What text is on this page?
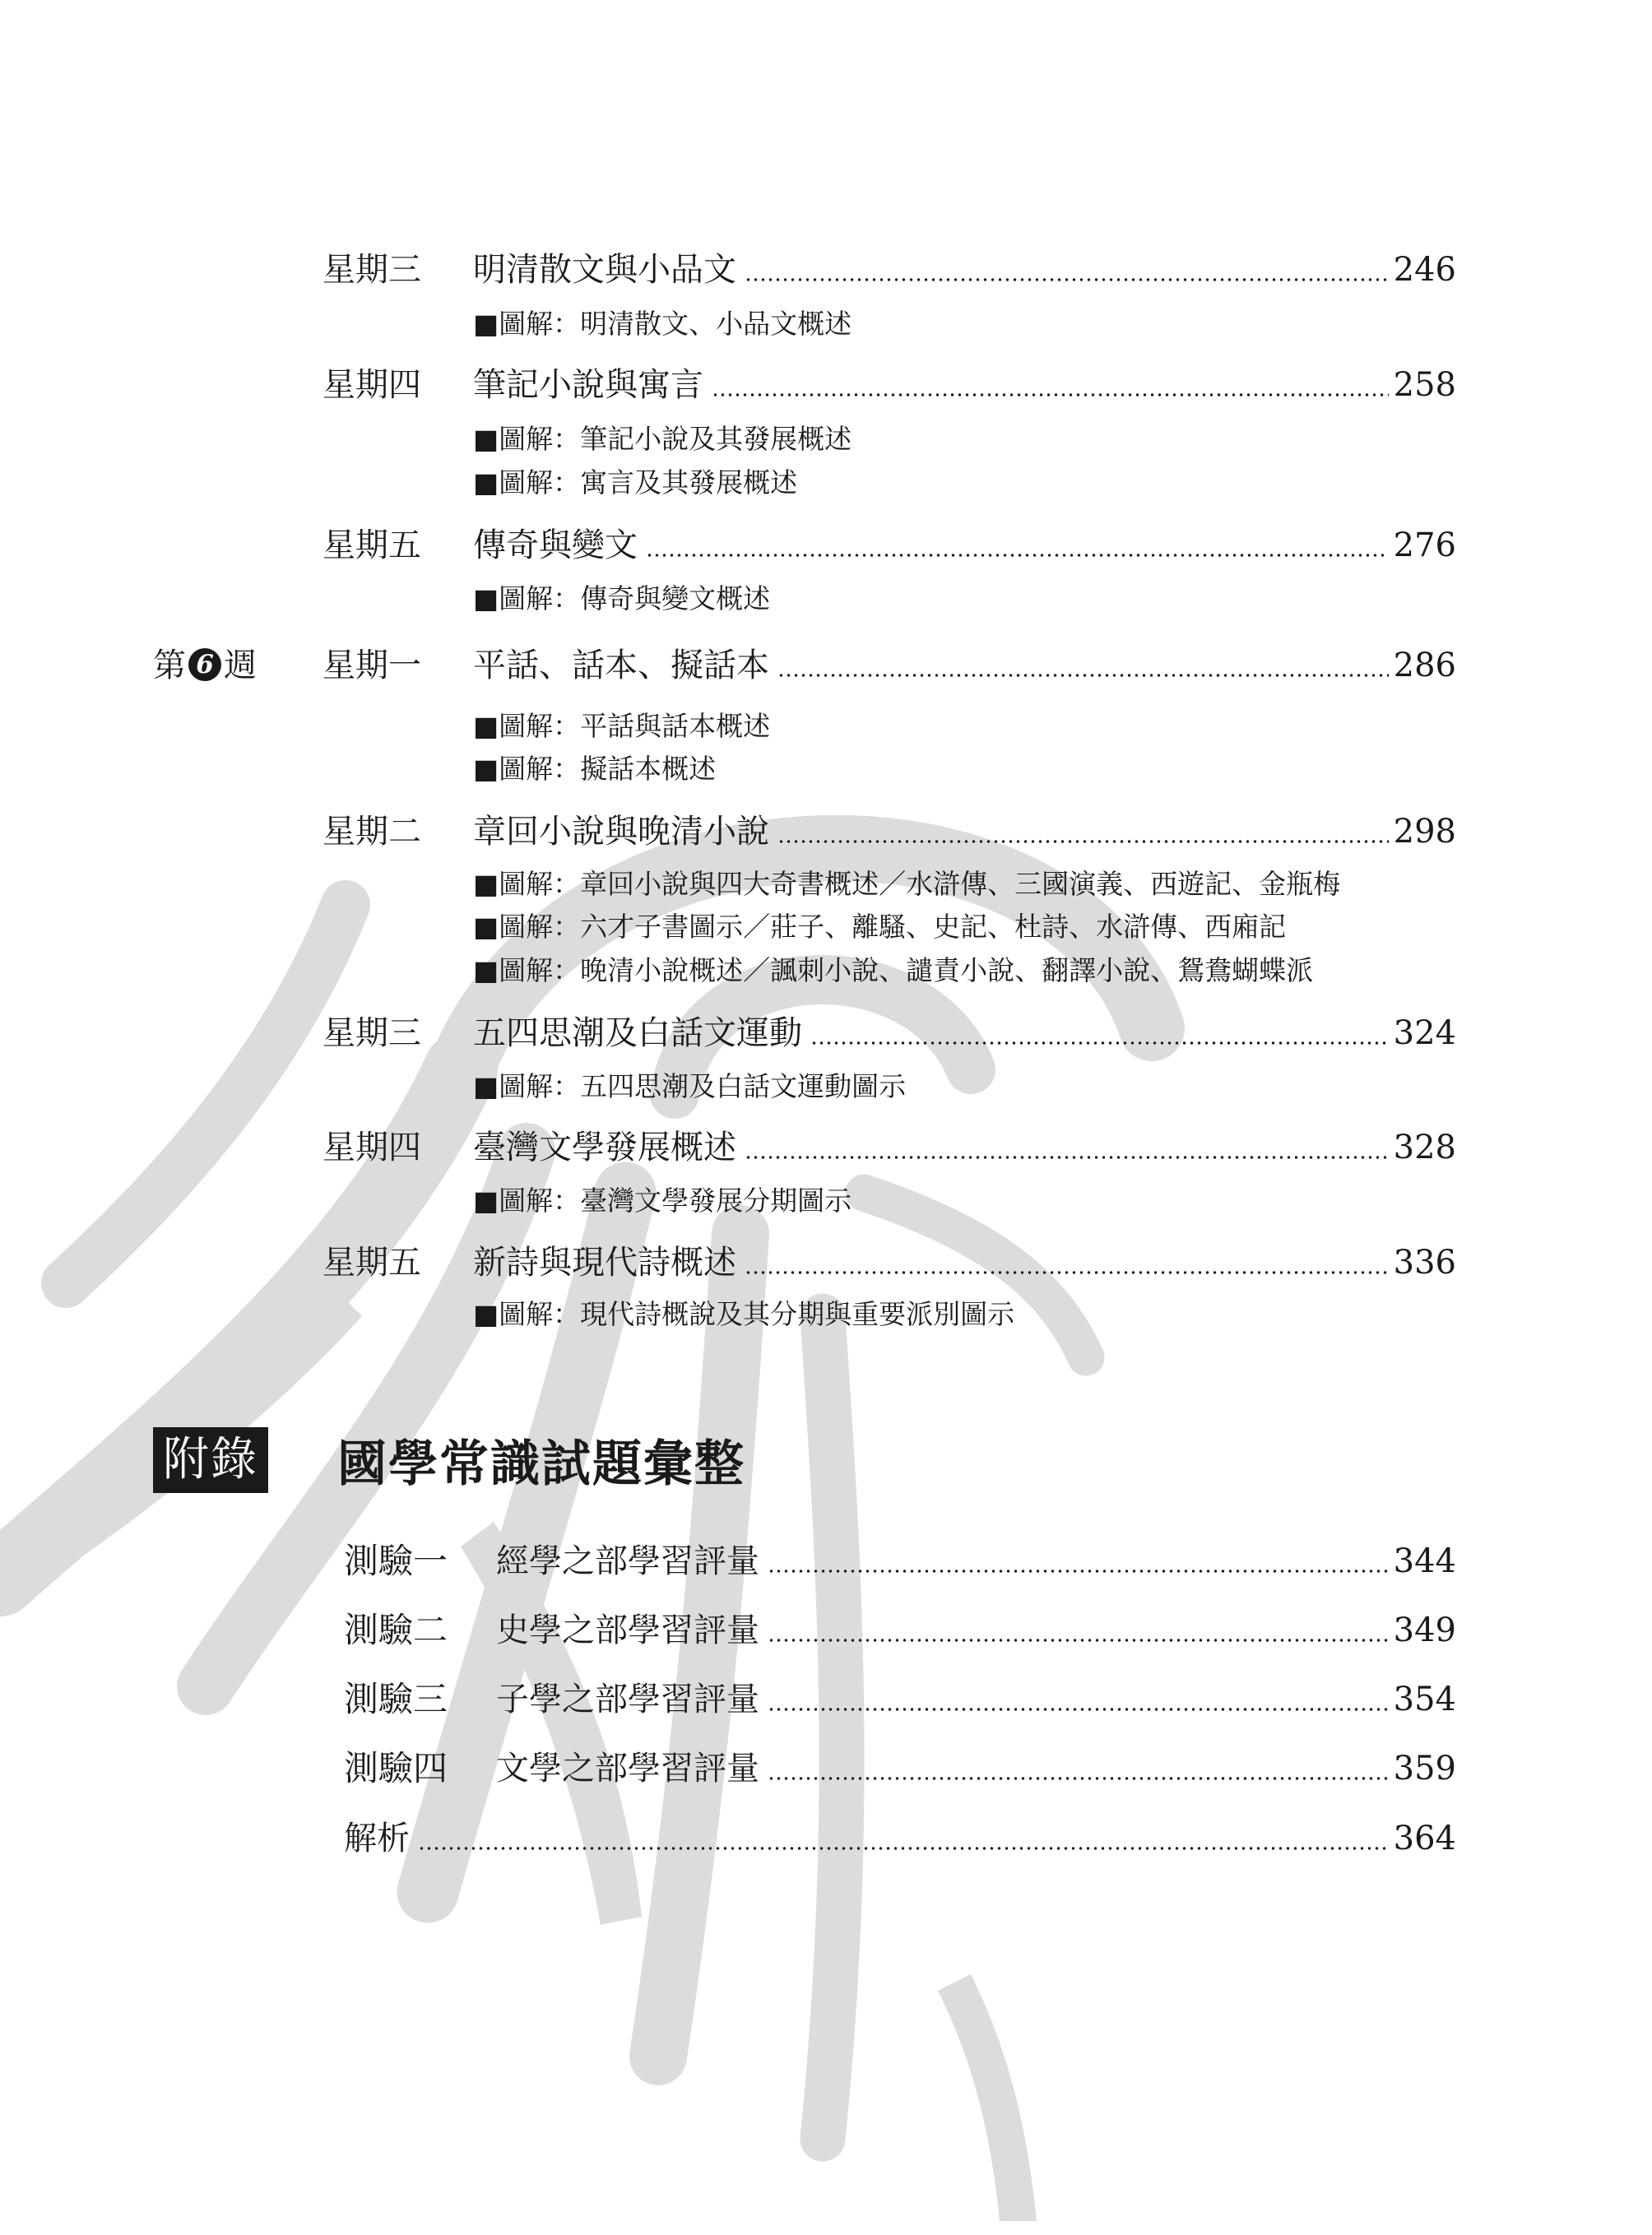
星期三 明清散文與小品文	246
■圖解：明清散文、小品文概述
星期四 筆記小說與寓言	258
■圖解：筆記小說及其發展概述
■圖解：寓言及其發展概述
星期五 傳奇與變文	276
■圖解：傳奇與變文概述
第 6 週 星期一 平話、話本、擬話本	286
■圖解：平話與話本概述
■圖解：擬話本概述
星期二 章回小說與晚清小說	298
■圖解：章回小說與四大奇書概述／水滸傳、三國演義、西遊記、金瓶梅
■圖解：六才子書圖示／莊子、離騷、史記、杜詩、水滸傳、西廂記
■圖解：晚清小說概述／諷刺小說、譴責小說、翻譯小說、鴛鴦蝴蝶派
星期三 五四思潮及白話文運動	324
■圖解：五四思潮及白話文運動圖示
星期四 臺灣文學發展概述	328
■圖解：臺灣文學發展分期圖示
星期五 新詩與現代詩概述	336
■圖解：現代詩概說及其分期與重要派別圖示
附錄 國學常識試題彙整
測驗一 經學之部學習評量	344
測驗二 史學之部學習評量	349
測驗三 子學之部學習評量	354
測驗四 文學之部學習評量	359
解析	364
